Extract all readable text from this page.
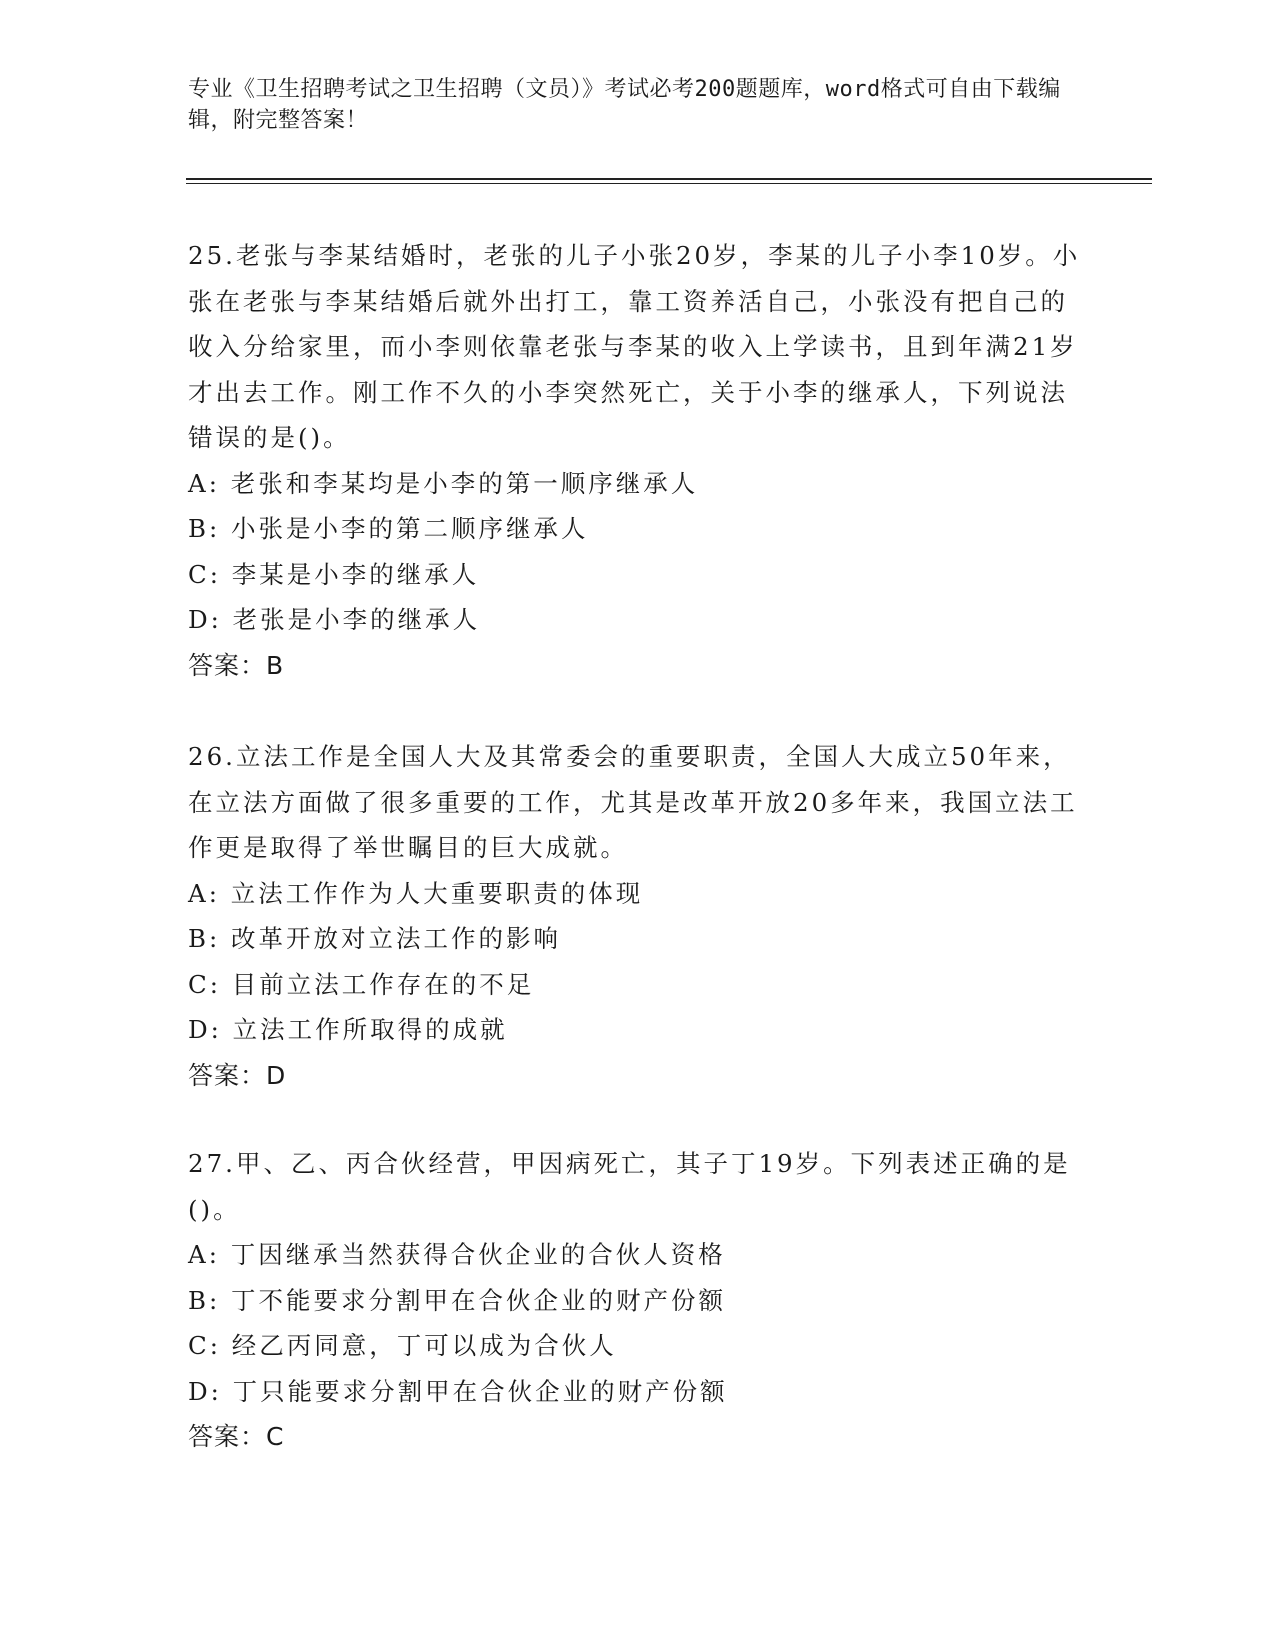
专业《卫生招聘考试之卫生招聘（文员）》考试必考200题题库，word格式可自由下载编辑，附完整答案！

25.老张与李某结婚时，老张的儿子小张20岁，李某的儿子小李10岁。小张在老张与李某结婚后就外出打工，靠工资养活自己，小张没有把自己的收入分给家里，而小李则依靠老张与李某的收入上学读书，且到年满21岁才出去工作。刚工作不久的小李突然死亡，关于小李的继承人，下列说法错误的是()。

A: 老张和李某均是小李的第一顺序继承人
B: 小张是小李的第二顺序继承人
C: 李某是小李的继承人
D: 老张是小李的继承人

答案：B

26.立法工作是全国人大及其常委会的重要职责，全国人大成立50年来，在立法方面做了很多重要的工作，尤其是改革开放20多年来，我国立法工作更是取得了举世瞩目的巨大成就。

A: 立法工作作为人大重要职责的体现
B: 改革开放对立法工作的影响
C: 目前立法工作存在的不足
D: 立法工作所取得的成就

答案：D

27.甲、乙、丙合伙经营，甲因病死亡，其子丁19岁。下列表述正确的是()。

A: 丁因继承当然获得合伙企业的合伙人资格
B: 丁不能要求分割甲在合伙企业的财产份额
C: 经乙丙同意，丁可以成为合伙人
D: 丁只能要求分割甲在合伙企业的财产份额

答案：C
